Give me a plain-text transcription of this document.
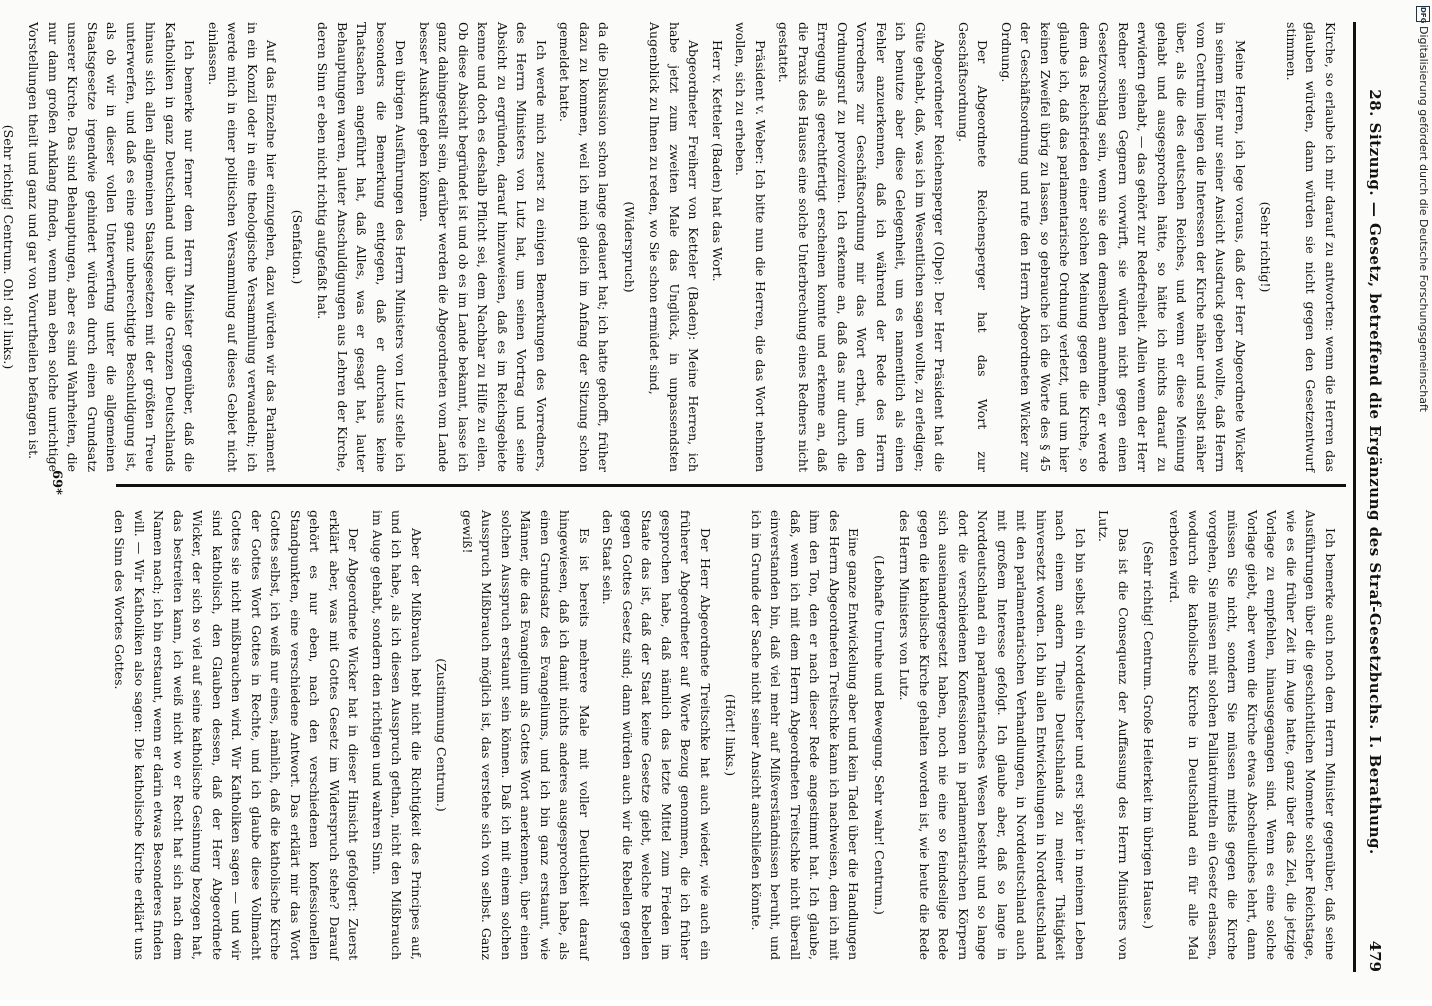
28. Sitzung. — Gesetz, betreffend die Ergänzung des Straf-Gesetzbuchs. I. Berathung.
479

Kirche, so erlaube ich mir darauf zu antworten: wenn die Herren das glauben würden, dann würden sie nicht gegen den Gesetzentwurf stimmen.

(Sehr richtig!)

Meine Herren, ich lege voraus, daß der Herr Abgeordnete Wicker in seinem Eifer nur seiner Ansicht Ausdruck geben wollte, daß Herrn vom Centrum liegen die Interessen der Kirche näher und selbst näher über, als die des deutschen Reiches, und wenn er diese Meinung gehabt und ausgesprochen hätte, so hätte ich nichts darauf zu erwidern gehabt, — das gehört zur Redefreiheit. Allein wenn der Herr Redner seinen Gegnern vorwirft, sie würden nicht gegen einen Gesetzvorschlag sein, wenn sie den demselben annehmen, er werde dem das Reichsfrieden einer solchen Meinung gegen die Kirche, so glaube ich, daß das parlamentarische Ordnung verletzt, und um hier keinen Zweifel übrig zu lassen, so gebrauche ich die Worte des § 45 der Geschäftsordnung und rufe den Herrn Abgeordneten Wicker zur Ordnung.

Der Abgeordnete Reichensperger hat das Wort zur Geschäftsordnung.

Abgeordneter Reichensperger (Olpe): Der Herr Präsident hat die Güte gehabt, daß, was ich im Wesentlichen sagen wollte, zu erledigen; ich benutze aber diese Gelegenheit, um es namentlich als einen Fehler anzuerkennen, daß ich während der Rede des Herrn Vorredners zur Geschäftsordnung mir das Wort erbat, um den Ordnungsruf zu provoziren. Ich erkenne an, daß das nur durch die Erregung als gerechtfertigt erscheinen konnte und erkenne an, daß die Praxis des Hauses eine solche Unterbrechung eines Redners nicht gestattet.

Präsident v. Weber: Ich bitte nun die Herren, die das Wort nehmen wollen, sich zu erheben.

Herr v. Ketteler (Baden) hat das Wort.

Abgeordneter Freiherr von Ketteler (Baden): Meine Herren, ich habe jetzt zum zweiten Male das Unglück, in unpassendsten Augenblick zu Ihnen zu reden, wo Sie schon ermüdet sind,

(Widerspruch)

da die Diskussion schon lange gedauert hat; ich hatte gehofft, früher dazu zu kommen, weil ich mich gleich im Anfang der Sitzung schon gemeldet hatte.

Ich werde mich zuerst zu einigen Bemerkungen des Vorredners, des Herrn Ministers von Lutz hat, um seinen Vortrag und seine Absicht zu ergründen, darauf hinzuweisen, daß es im Reichsgebiete kenne und doch es deshalb Pflicht sei, dem Nachbar zu Hilfe zu eilen. Ob diese Absicht begründet ist und ob es im Lande bekannt, lasse ich ganz dahingestellt sein, darüber werden die Abgeordneten vom Lande besser Auskunft geben können.

Den übrigen Ausführungen des Herrn Ministers von Lutz stelle ich besonders die Bemerkung entgegen, daß er durchaus keine Thatsachen angeführt hat, daß Alles, was er gesagt hat, lauter Behauptungen waren, lauter Anschuldigungen aus Lehren der Kirche, deren Sinn er eben nicht richtig aufgefaßt hat.

(Senfation.)

Auf das Einzelne hier einzugehen, dazu würden wir das Parlament in ein Konzil oder in eine theologische Versammlung verwandeln; ich werde mich in einer politischen Versammlung auf dieses Gebiet nicht einlassen.

Ich bemerke nur ferner dem Herrn Minister gegenüber, daß die Katholiken in ganz Deutschland und über die Grenzen Deutschlands hinaus sich allen allgemeinen Staatsgesetzen mit der größten Treue unterwerfen, und daß es eine ganz unberechtigte Beschuldigung ist, als ob wir in dieser vollen Unterwerfung unter die allgemeinen Staatsgesetze irgendwie gehindert würden durch einen Grundsatz unserer Kirche. Das sind Behauptungen, aber es sind Wahrheiten, die nur dann großen Anklang finden, wenn man eben solche unrichtige Vorstellungen theilt und ganz und gar von Vorurtheilen befangen ist.

(Sehr richtig! Centrum. Oh! oh! links.)

Ich bemerke auch noch dem Herrn Minister gegenüber, daß seine Ausführungen über die geschichtlichen Momente solcher Reichstage, wie es die früher Zeit im Auge hatte, ganz über das Ziel, die jetzige Vorlage zu empfehlen, hinausgegangen sind. Wenn es eine solche Vorlage giebt, aber wenn die Kirche etwas Abscheuliches lehrt, dann müssen Sie nicht, sondern Sie müssen mittels gegen die Kirche vorgehen, Sie müssen mit solchen Palliativmitteln ein Gesetz erlassen, wodurch die katholische Kirche in Deutschland ein für alle Mal verboten wird.

(Sehr richtig! Centrum. Große Heiterkeit im übrigen Hause.)

Das ist die Consequenz der Auffassung des Herrn Ministers von Lutz.

Ich bin selbst ein Norddeutscher und erst später in meinem Leben nach einem andern Theile Deutschlands zu meiner Thätigkeit hinversetzt worden. Ich bin allen Entwickelungen in Norddeutschland mit den parlamentarischen Verhandlungen, in Norddeutschland auch mit großem Interesse gefolgt. Ich glaube aber, daß so lange in Norddeutschland ein parlamentarisches Wesen besteht und so lange dort die verschiedenen Konfessionen in parlamentarischen Körpern sich auseinandergesetzt haben, noch nie eine so feindselige Rede gegen die katholische Kirche gehalten worden ist, wie heute die Rede des Herrn Ministers von Lutz.

(Lebhafte Unruhe und Bewegung. Sehr wahr! Centrum.)

Eine ganze Entwickelung aber und kein Tadel über die Handlungen des Herrn Abgeordneten Treitschke kann ich nachweisen, dem ich mit ihm den Ton, den er nach dieser Rede angestimmt hat. Ich glaube, daß, wenn ich mit dem Herrn Abgeordneten Treitschke nicht überall einverstanden bin, daß viel mehr auf Mißverständnissen beruht, und ich im Grunde der Sache nicht seiner Ansicht anschließen könnte.

(Hört! links.)

Der Herr Abgeordnete Treitschke hat auch wieder, wie auch ein früherer Abgeordneter auf Worte Bezug genommen, die ich früher gesprochen habe, daß nämlich das letzte Mittel zum Frieden im Staate das ist, daß der Staat keine Gesetze giebt, welche Rebellen gegen Gottes Gesetz sind; dann würden auch wir die Rebellen gegen den Staat sein.

Es ist bereits mehrere Male mit voller Deutlichkeit darauf hingewiesen, daß ich damit nichts anderes ausgesprochen habe, als einen Grundsatz des Evangeliums, und ich bin ganz erstaunt, wie Männer, die das Evangelium als Gottes Wort anerkennen, über einen solchen Ausspruch erstaunt sein können. Daß ich mit einem solchen Ausspruch Mißbrauch möglich ist, das verstehe sich von selbst. Ganz gewiß!

(Zustimmung Centrum.)

Aber der Mißbrauch hebt nicht die Richtigkeit des Principes auf, und ich habe, als ich diesen Ausspruch gethan, nicht den Mißbrauch im Auge gehabt, sondern den richtigen und wahren Sinn.

Der Abgeordnete Wicker hat in dieser Hinsicht gefolgert: Zuerst erklärt aber, was mit Gottes Gesetz im Widerspruch stehe? Darauf gehört es nur eben, nach den verschiedenen konfessionellen Standpunkten, eine verschiedene Antwort. Das erklärt mir das Wort Gottes selbst, ich weiß nur eines, nämlich, daß die katholische Kirche der Gottes Wort Gottes in Rechte, und ich glaube diese Vollmacht Gottes sie nicht mißbrauchen wird. Wir Katholiken sagen — und wir sind katholisch, den Glauben dessen, daß der Herr Abgeordnete Wicker, der sich so viel auf seine katholische Gesinnung bezogen hat, das bestreiten kann, ich weiß nicht wo er Recht hat sich nach dem Namen nach; ich bin erstaunt, wenn er darin etwas Besonderes finden will. — Wir Katholiken also sagen: Die katholische Kirche erklärt uns den Sinn des Wortes Gottes.

69*
DFG
Digitalisierung gefördert durch die Deutsche Forschungsgemeinschaft
